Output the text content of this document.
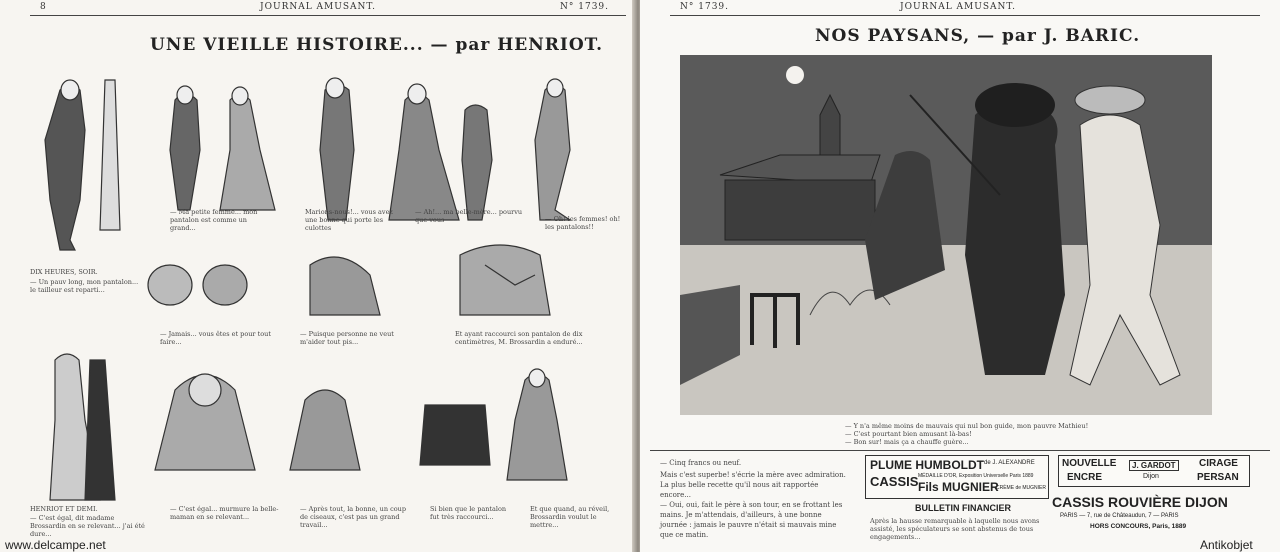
8	JOURNAL AMUSANT.	N° 1739.
UNE VIEILLE HISTOIRE... — par HENRIOT.
DIX HEURES, SOIR.
— Ma petite femme... mon pantalon est comme un grand...
Marions-nous!... vous avez une bonne qui porte les culottes
— Ah!... ma belle-mère... pourvu que vous	— Oh! les femmes! oh! les pantalons!!
— Un pauv long, mon pantalon... le tailleur est reparti...
— Jamais... vous êtes et pour tout faire...
— Puisque personne ne veut m'aider tout pis...
Et ayant raccourci son pantalon de dix centimètres, M. Brossardin a enduré...
HENRIOT ET DEMI.
— C'est égal, dit madame Brossardin en se relevant... j'ai été dure...
— C'est égal... murmure la belle-maman en se relevant...
— Après tout, la bonne, un coup de ciseaux, c'est pas un grand travail...
Si bien que le pantalon fut très raccourci...
Et que quand, au réveil, Brossardin voulut le mettre...
N° 1739.	JOURNAL AMUSANT.
NOS PAYSANS, — par J. BARIC.
— Y n'a même moins de mauvais qui nul bon guide, mon pauvre Mathieu!
— C'est pourtant bien amusant là-bas!
— Bon sur! mais ça a chauffe guère...
— Cinq francs ou neuf.
Mais c'est superbe! s'écrie la mère avec admiration. La plus belle recette qu'il nous ait rapportée encore...
— Oui, oui, fait le père à son tour, en se frottant les mains. Je m'attendais, d'ailleurs, à une bonne journée : jamais le pauvre n'était si mauvais mine que ce matin.
PLUME HUMBOLDT de J. ALEXANDRE
CASSIS Fils MUGNIER
MÉDAILLE D'OR, Exposition Universelle Paris 1889
CRÈME de MUGNIER
BULLETIN FINANCIER
Après la hausse remarquable à laquelle nous avons assisté, les spéculateurs se sont abstenus de tous engagements...
NOUVELLE
ENCRE
J. GARDOT
Dijon
CIRAGE
PERSAN
CASSIS ROUVIÈRE DIJON
PARIS — 7, rue de Châteaudun, 7 — PARIS
HORS CONCOURS, Paris, 1889
www.delcampe.net	Antikobjet
